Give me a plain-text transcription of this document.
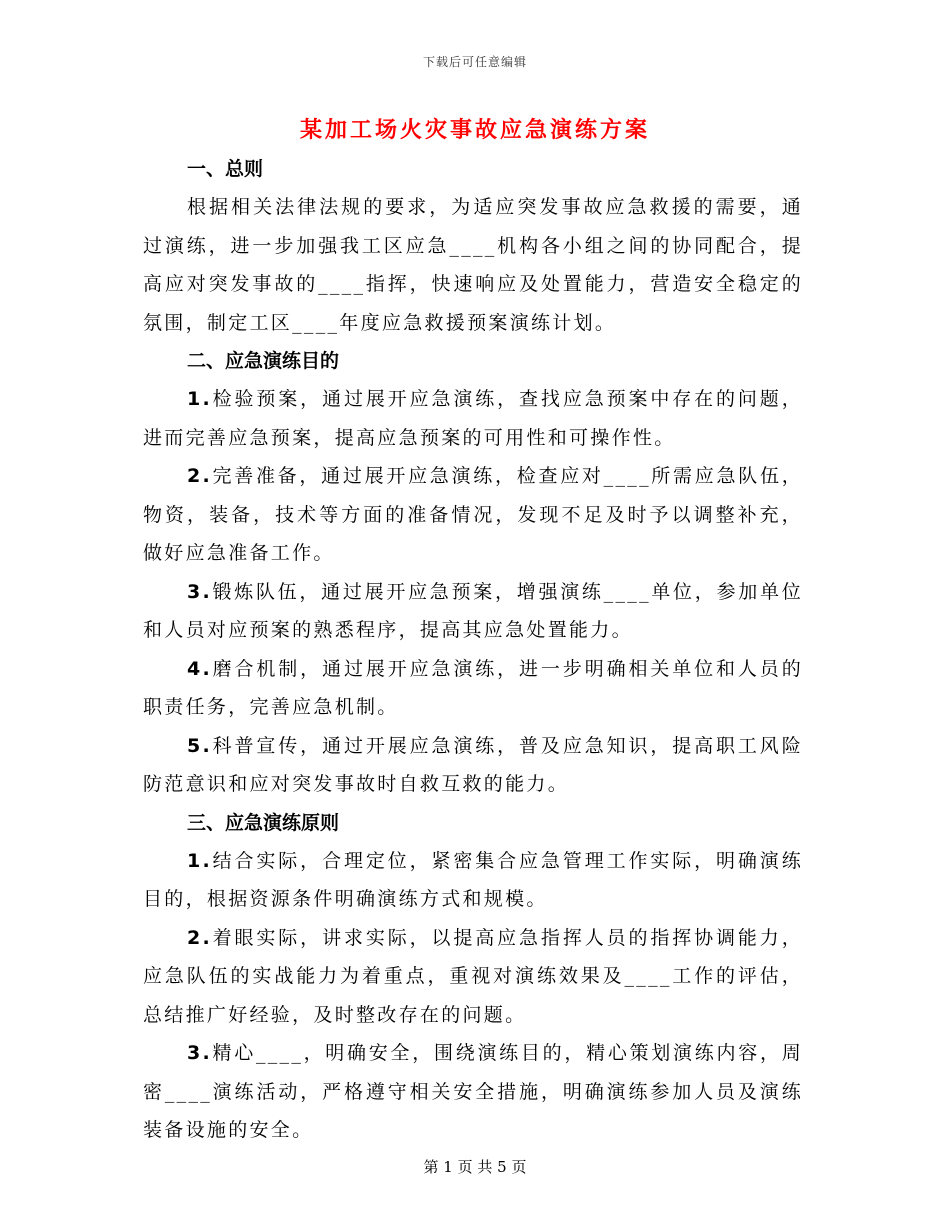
下载后可任意编辑
某加工场火灾事故应急演练方案
一、总则

根据相关法律法规的要求，为适应突发事故应急救援的需要，通过演练，进一步加强我工区应急____机构各小组之间的协同配合，提高应对突发事故的____指挥，快速响应及处置能力，营造安全稳定的氛围，制定工区____年度应急救援预案演练计划。

二、应急演练目的

1.检验预案，通过展开应急演练，查找应急预案中存在的问题，进而完善应急预案，提高应急预案的可用性和可操作性。

2.完善准备，通过展开应急演练，检查应对____所需应急队伍，物资，装备，技术等方面的准备情况，发现不足及时予以调整补充，做好应急准备工作。

3.锻炼队伍，通过展开应急预案，增强演练____单位，参加单位和人员对应预案的熟悉程序，提高其应急处置能力。

4.磨合机制，通过展开应急演练，进一步明确相关单位和人员的职责任务，完善应急机制。

5.科普宣传，通过开展应急演练，普及应急知识，提高职工风险防范意识和应对突发事故时自救互救的能力。

三、应急演练原则

1.结合实际，合理定位，紧密集合应急管理工作实际，明确演练目的，根据资源条件明确演练方式和规模。

2.着眼实际，讲求实际，以提高应急指挥人员的指挥协调能力，应急队伍的实战能力为着重点，重视对演练效果及____工作的评估，总结推广好经验，及时整改存在的问题。

3.精心____，明确安全，围绕演练目的，精心策划演练内容，周密____演练活动，严格遵守相关安全措施，明确演练参加人员及演练装备设施的安全。

第 1 页 共 5 页
